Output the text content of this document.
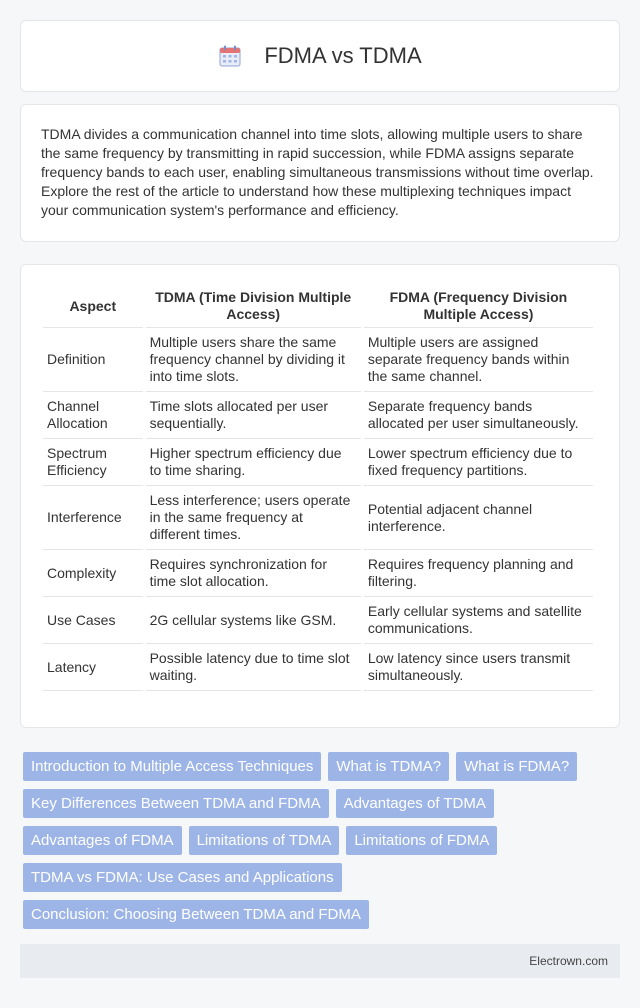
FDMA vs TDMA

TDMA divides a communication channel into time slots, allowing multiple users to share the same frequency by transmitting in rapid succession, while FDMA assigns separate frequency bands to each user, enabling simultaneous transmissions without time overlap. Explore the rest of the article to understand how these multiplexing techniques impact your communication system's performance and efficiency.

Aspect	TDMA (Time Division Multiple Access)	FDMA (Frequency Division Multiple Access)
Definition	Multiple users share the same frequency channel by dividing it into time slots.	Multiple users are assigned separate frequency bands within the same channel.
Channel Allocation	Time slots allocated per user sequentially.	Separate frequency bands allocated per user simultaneously.
Spectrum Efficiency	Higher spectrum efficiency due to time sharing.	Lower spectrum efficiency due to fixed frequency partitions.
Interference	Less interference; users operate in the same frequency at different times.	Potential adjacent channel interference.
Complexity	Requires synchronization for time slot allocation.	Requires frequency planning and filtering.
Use Cases	2G cellular systems like GSM.	Early cellular systems and satellite communications.
Latency	Possible latency due to time slot waiting.	Low latency since users transmit simultaneously.
Introduction to Multiple Access Techniques	What is TDMA?	What is FDMA?
Key Differences Between TDMA and FDMA	Advantages of TDMA
Advantages of FDMA	Limitations of TDMA	Limitations of FDMA
TDMA vs FDMA: Use Cases and Applications
Conclusion: Choosing Between TDMA and FDMA
Electrown.com
